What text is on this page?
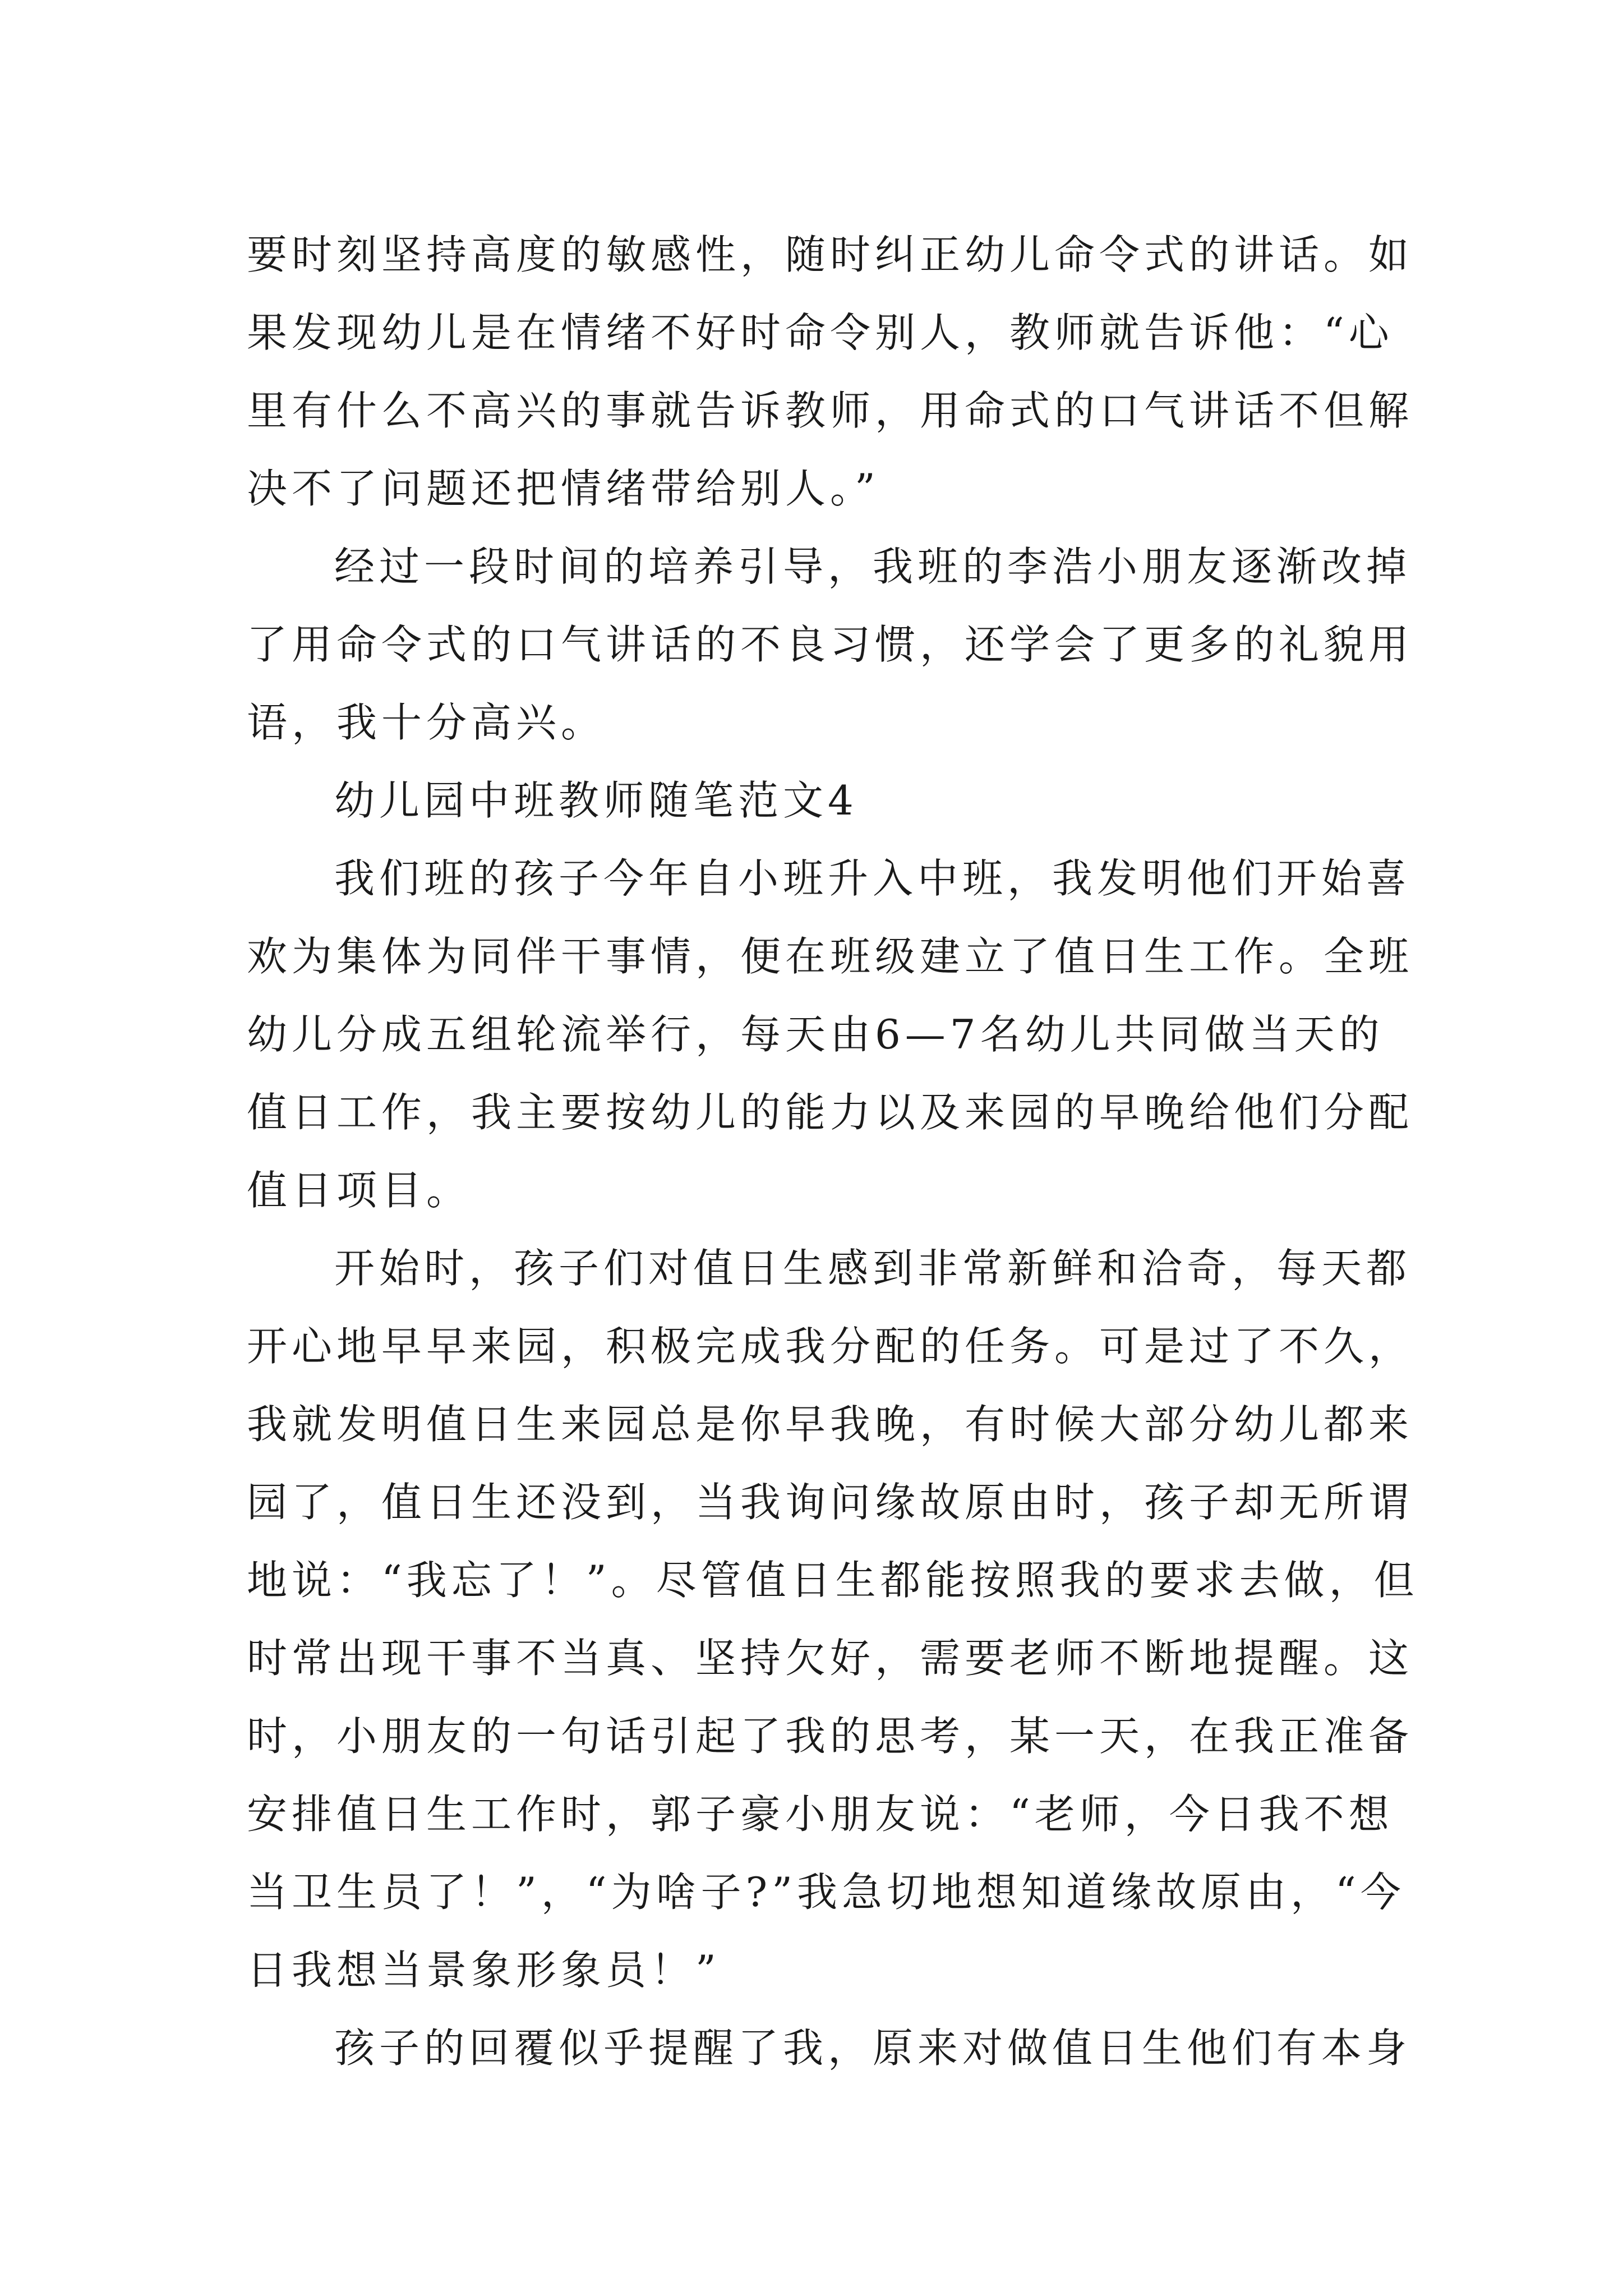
要时刻坚持高度的敏感性，随时纠正幼儿命令式的讲话。如
果发现幼儿是在情绪不好时命令别人，教师就告诉他：“心
里有什么不高兴的事就告诉教师，用命式的口气讲话不但解
决不了问题还把情绪带给别人。”
经过一段时间的培养引导，我班的李浩小朋友逐渐改掉
了用命令式的口气讲话的不良习惯，还学会了更多的礼貌用
语，我十分高兴。
幼儿园中班教师随笔范文4
我们班的孩子今年自小班升入中班，我发明他们开始喜
欢为集体为同伴干事情，便在班级建立了值日生工作。全班
幼儿分成五组轮流举行，每天由6—7名幼儿共同做当天的
值日工作，我主要按幼儿的能力以及来园的早晚给他们分配
值日项目。
开始时，孩子们对值日生感到非常新鲜和洽奇，每天都
开心地早早来园，积极完成我分配的任务。可是过了不久，
我就发明值日生来园总是你早我晚，有时候大部分幼儿都来
园了，值日生还没到，当我询问缘故原由时，孩子却无所谓
地说：“我忘了！”。尽管值日生都能按照我的要求去做，但
时常出现干事不当真、坚持欠好，需要老师不断地提醒。这
时，小朋友的一句话引起了我的思考，某一天，在我正准备
安排值日生工作时，郭子豪小朋友说：“老师，今日我不想
当卫生员了！”，“为啥子?”我急切地想知道缘故原由，“今
日我想当景象形象员！”
孩子的回覆似乎提醒了我，原来对做值日生他们有本身
